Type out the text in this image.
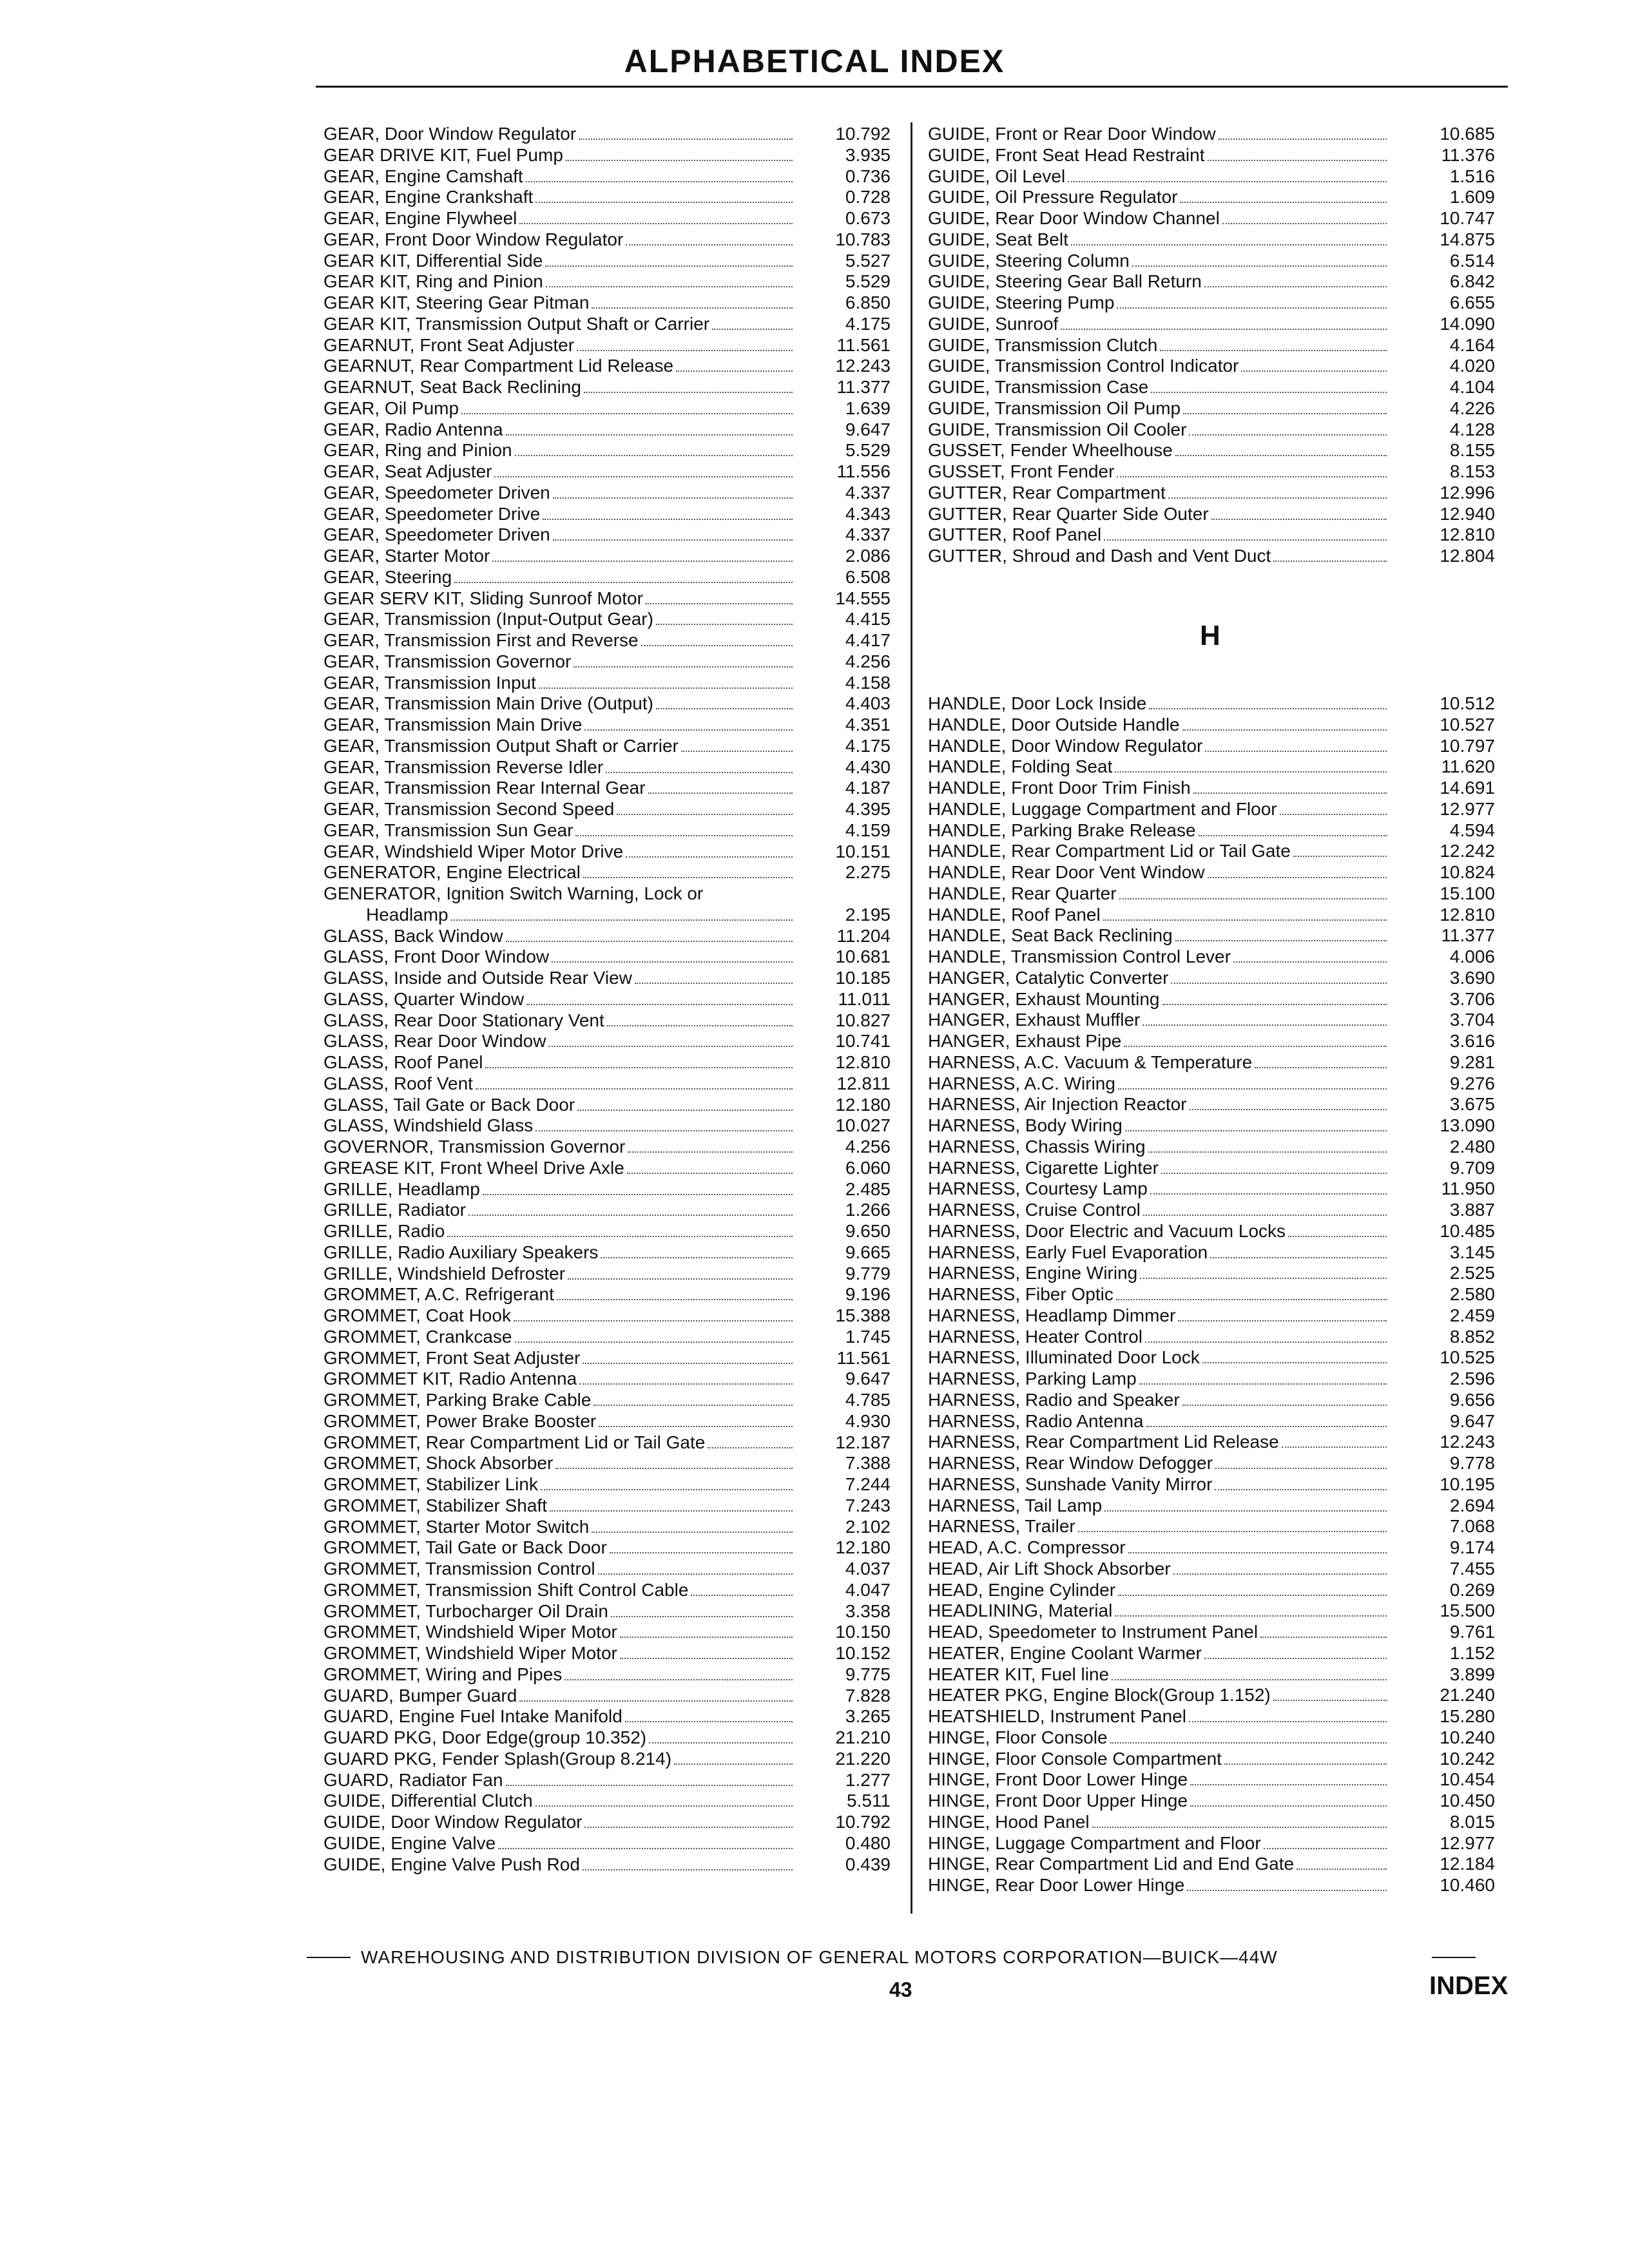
ALPHABETICAL INDEX
GEAR, Door Window Regulator	10.792
GEAR DRIVE KIT, Fuel Pump	3.935
GEAR, Engine Camshaft	0.736
GEAR, Engine Crankshaft	0.728
GEAR, Engine Flywheel	0.673
GEAR, Front Door Window Regulator	10.783
GEAR KIT, Differential Side	5.527
GEAR KIT, Ring and Pinion	5.529
GEAR KIT, Steering Gear Pitman	6.850
GEAR KIT, Transmission Output Shaft or Carrier	4.175
GEARNUT, Front Seat Adjuster	11.561
GEARNUT, Rear Compartment Lid Release	12.243
GEARNUT, Seat Back Reclining	11.377
GEAR, Oil Pump	1.639
GEAR, Radio Antenna	9.647
GEAR, Ring and Pinion	5.529
GEAR, Seat Adjuster	11.556
GEAR, Speedometer Driven	4.337
GEAR, Speedometer Drive	4.343
GEAR, Speedometer Driven	4.337
GEAR, Starter Motor	2.086
GEAR, Steering	6.508
GEAR SERV KIT, Sliding Sunroof Motor	14.555
GEAR, Transmission (Input-Output Gear)	4.415
GEAR, Transmission First and Reverse	4.417
GEAR, Transmission Governor	4.256
GEAR, Transmission Input	4.158
GEAR, Transmission Main Drive (Output)	4.403
GEAR, Transmission Main Drive	4.351
GEAR, Transmission Output Shaft or Carrier	4.175
GEAR, Transmission Reverse Idler	4.430
GEAR, Transmission Rear Internal Gear	4.187
GEAR, Transmission Second Speed	4.395
GEAR, Transmission Sun Gear	4.159
GEAR, Windshield Wiper Motor Drive	10.151
GENERATOR, Engine Electrical	2.275
GENERATOR, Ignition Switch Warning, Lock or
Headlamp	2.195
GLASS, Back Window	11.204
GLASS, Front Door Window	10.681
GLASS, Inside and Outside Rear View	10.185
GLASS, Quarter Window	11.011
GLASS, Rear Door Stationary Vent	10.827
GLASS, Rear Door Window	10.741
GLASS, Roof Panel	12.810
GLASS, Roof Vent	12.811
GLASS, Tail Gate or Back Door	12.180
GLASS, Windshield Glass	10.027
GOVERNOR, Transmission Governor	4.256
GREASE KIT, Front Wheel Drive Axle	6.060
GRILLE, Headlamp	2.485
GRILLE, Radiator	1.266
GRILLE, Radio	9.650
GRILLE, Radio Auxiliary Speakers	9.665
GRILLE, Windshield Defroster	9.779
GROMMET, A.C. Refrigerant	9.196
GROMMET, Coat Hook	15.388
GROMMET, Crankcase	1.745
GROMMET, Front Seat Adjuster	11.561
GROMMET KIT, Radio Antenna	9.647
GROMMET, Parking Brake Cable	4.785
GROMMET, Power Brake Booster	4.930
GROMMET, Rear Compartment Lid or Tail Gate	12.187
GROMMET, Shock Absorber	7.388
GROMMET, Stabilizer Link	7.244
GROMMET, Stabilizer Shaft	7.243
GROMMET, Starter Motor Switch	2.102
GROMMET, Tail Gate or Back Door	12.180
GROMMET, Transmission Control	4.037
GROMMET, Transmission Shift Control Cable	4.047
GROMMET, Turbocharger Oil Drain	3.358
GROMMET, Windshield Wiper Motor	10.150
GROMMET, Windshield Wiper Motor	10.152
GROMMET, Wiring and Pipes	9.775
GUARD, Bumper Guard	7.828
GUARD, Engine Fuel Intake Manifold	3.265
GUARD PKG, Door Edge(group 10.352)	21.210
GUARD PKG, Fender Splash(Group 8.214)	21.220
GUARD, Radiator Fan	1.277
GUIDE, Differential Clutch	5.511
GUIDE, Door Window Regulator	10.792
GUIDE, Engine Valve	0.480
GUIDE, Engine Valve Push Rod	0.439
GUIDE, Front or Rear Door Window	10.685
GUIDE, Front Seat Head Restraint	11.376
GUIDE, Oil Level	1.516
GUIDE, Oil Pressure Regulator	1.609
GUIDE, Rear Door Window Channel	10.747
GUIDE, Seat Belt	14.875
GUIDE, Steering Column	6.514
GUIDE, Steering Gear Ball Return	6.842
GUIDE, Steering Pump	6.655
GUIDE, Sunroof	14.090
GUIDE, Transmission Clutch	4.164
GUIDE, Transmission Control Indicator	4.020
GUIDE, Transmission Case	4.104
GUIDE, Transmission Oil Pump	4.226
GUIDE, Transmission Oil Cooler	4.128
GUSSET, Fender Wheelhouse	8.155
GUSSET, Front Fender	8.153
GUTTER, Rear Compartment	12.996
GUTTER, Rear Quarter Side Outer	12.940
GUTTER, Roof Panel	12.810
GUTTER, Shroud and Dash and Vent Duct	12.804
H
HANDLE, Door Lock Inside	10.512
HANDLE, Door Outside Handle	10.527
HANDLE, Door Window Regulator	10.797
HANDLE, Folding Seat	11.620
HANDLE, Front Door Trim Finish	14.691
HANDLE, Luggage Compartment and Floor	12.977
HANDLE, Parking Brake Release	4.594
HANDLE, Rear Compartment Lid or Tail Gate	12.242
HANDLE, Rear Door Vent Window	10.824
HANDLE, Rear Quarter	15.100
HANDLE, Roof Panel	12.810
HANDLE, Seat Back Reclining	11.377
HANDLE, Transmission Control Lever	4.006
HANGER, Catalytic Converter	3.690
HANGER, Exhaust Mounting	3.706
HANGER, Exhaust Muffler	3.704
HANGER, Exhaust Pipe	3.616
HARNESS, A.C. Vacuum & Temperature	9.281
HARNESS, A.C. Wiring	9.276
HARNESS, Air Injection Reactor	3.675
HARNESS, Body Wiring	13.090
HARNESS, Chassis Wiring	2.480
HARNESS, Cigarette Lighter	9.709
HARNESS, Courtesy Lamp	11.950
HARNESS, Cruise Control	3.887
HARNESS, Door Electric and Vacuum Locks	10.485
HARNESS, Early Fuel Evaporation	3.145
HARNESS, Engine Wiring	2.525
HARNESS, Fiber Optic	2.580
HARNESS, Headlamp Dimmer	2.459
HARNESS, Heater Control	8.852
HARNESS, Illuminated Door Lock	10.525
HARNESS, Parking Lamp	2.596
HARNESS, Radio and Speaker	9.656
HARNESS, Radio Antenna	9.647
HARNESS, Rear Compartment Lid Release	12.243
HARNESS, Rear Window Defogger	9.778
HARNESS, Sunshade Vanity Mirror	10.195
HARNESS, Tail Lamp	2.694
HARNESS, Trailer	7.068
HEAD, A.C. Compressor	9.174
HEAD, Air Lift Shock Absorber	7.455
HEAD, Engine Cylinder	0.269
HEADLINING, Material	15.500
HEAD, Speedometer to Instrument Panel	9.761
HEATER, Engine Coolant Warmer	1.152
HEATER KIT, Fuel line	3.899
HEATER PKG, Engine Block(Group 1.152)	21.240
HEATSHIELD, Instrument Panel	15.280
HINGE, Floor Console	10.240
HINGE, Floor Console Compartment	10.242
HINGE, Front Door Lower Hinge	10.454
HINGE, Front Door Upper Hinge	10.450
HINGE, Hood Panel	8.015
HINGE, Luggage Compartment and Floor	12.977
HINGE, Rear Compartment Lid and End Gate	12.184
HINGE, Rear Door Lower Hinge	10.460
WAREHOUSING AND DISTRIBUTION DIVISION OF GENERAL MOTORS CORPORATION—BUICK—44W
43	INDEX
